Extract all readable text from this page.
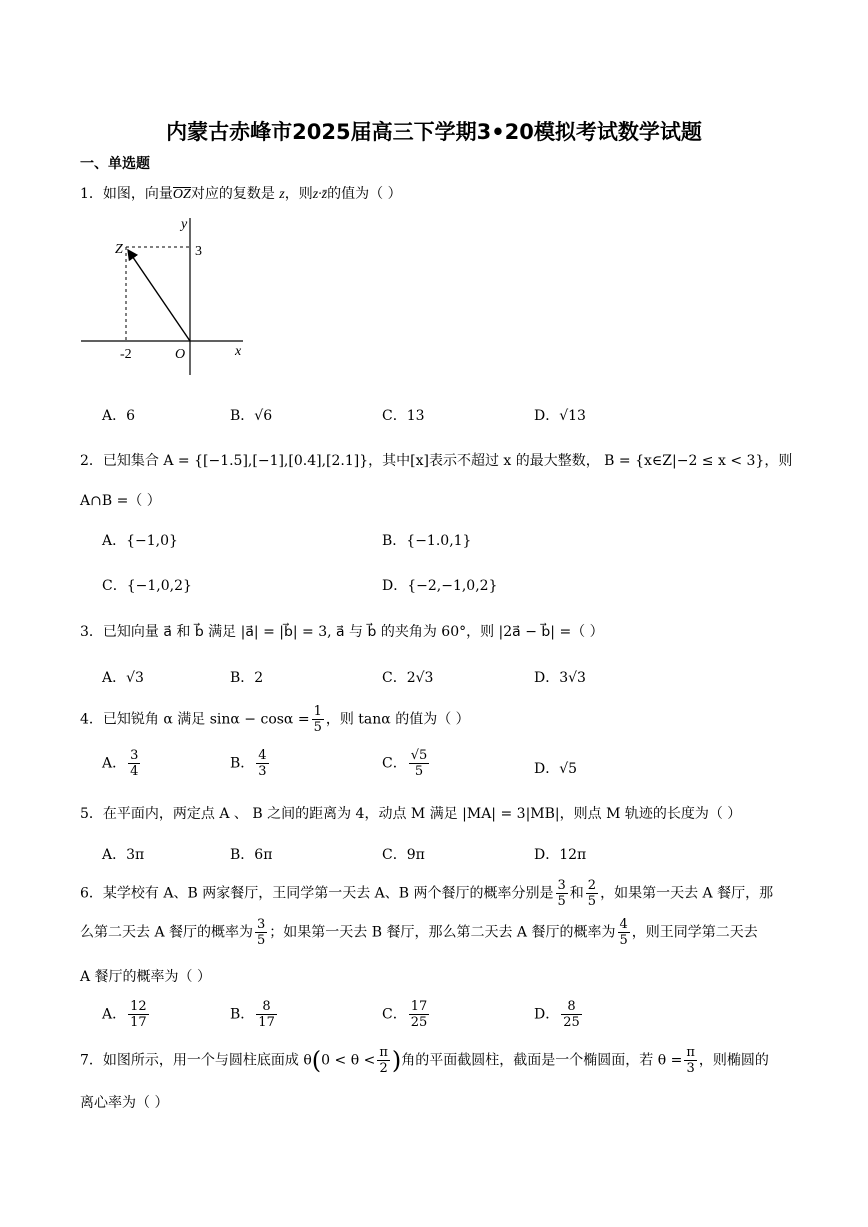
内蒙古赤峰市2025届高三下学期3•20模拟考试数学试题
一、单选题
1．如图，向量OZ对应的复数是 z，则z·z̄的值为（ ）
y
3
Z
-2	O	x
A．6	B．√6	C．13	D．√13
2．已知集合 A = {[−1.5],[−1],[0.4],[2.1]}，其中[x]表示不超过 x 的最大整数， B = {x∈Z|−2 ≤ x < 3}，则
A∩B =（ ）
A．{−1,0}	B．{−1.0,1}
C．{−1,0,2}	D．{−2,−1,0,2}
3．已知向量 a⃗ 和 b⃗ 满足 |a⃗| = |b⃗| = 3, a⃗ 与 b⃗ 的夹角为 60°，则 |2a⃗ − b⃗| =（ ）
A．√3	B．2	C．2√3	D．3√3
4．已知锐角 α 满足 $\sin\alpha - \cos\alpha = \frac{1}{5}$ ，则 tanα 的值为（ ）
A． $\frac{3}{4}$	B． $\frac{4}{3}$	C． $\frac{√5}{5}$	D．√5
5．在平面内，两定点 A 、 B 之间的距离为 4，动点 M 满足 |MA| = 3|MB|，则点 M 轨迹的长度为（ ）
A．3π	B．6π	C．9π	D．12π
6．某学校有 A、B 两家餐厅，王同学第一天去 A、B 两个餐厅的概率分别是 $\frac{3}{5}$ 和 $\frac{2}{5}$ ，如果第一天去 A 餐厅，那
么第二天去 A 餐厅的概率为 $\frac{3}{5}$ ；如果第一天去 B 餐厅，那么第二天去 A 餐厅的概率为 $\frac{4}{5}$ ，则王同学第二天去
A 餐厅的概率为（ ）
A． $\frac{12}{17}$	B． $\frac{8}{17}$	C． $\frac{17}{25}$	D． $\frac{8}{25}$
7．如图所示，用一个与圆柱底面成 $\theta(0 < \theta < \frac{\pi}{2}$ )角的平面截圆柱，截面是一个椭圆面，若 $\theta = \frac{\pi}{3}$ ，则椭圆的
离心率为（ ）
